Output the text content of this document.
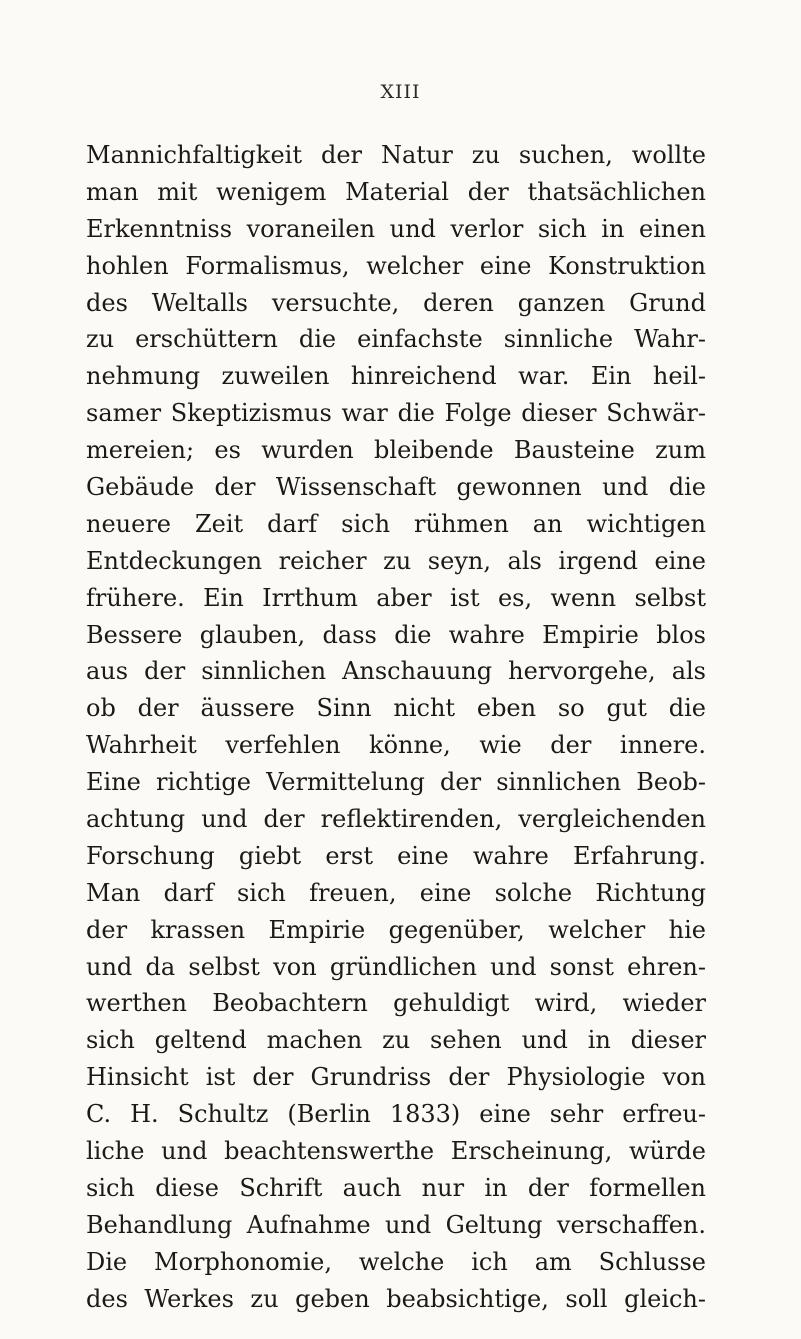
XIII
Mannichfaltigkeit der Natur zu suchen, wollte
man mit wenigem Material der thatsächlichen
Erkenntniss voraneilen und verlor sich in einen
hohlen Formalismus, welcher eine Konstruktion
des Weltalls versuchte, deren ganzen Grund
zu erschüttern die einfachste sinnliche Wahr-
nehmung zuweilen hinreichend war. Ein heil-
samer Skeptizismus war die Folge dieser Schwär-
mereien; es wurden bleibende Bausteine zum
Gebäude der Wissenschaft gewonnen und die
neuere Zeit darf sich rühmen an wichtigen
Entdeckungen reicher zu seyn, als irgend eine
frühere. Ein Irrthum aber ist es, wenn selbst
Bessere glauben, dass die wahre Empirie blos
aus der sinnlichen Anschauung hervorgehe, als
ob der äussere Sinn nicht eben so gut die
Wahrheit verfehlen könne, wie der innere.
Eine richtige Vermittelung der sinnlichen Beob-
achtung und der reflektirenden, vergleichenden
Forschung giebt erst eine wahre Erfahrung.
Man darf sich freuen, eine solche Richtung
der krassen Empirie gegenüber, welcher hie
und da selbst von gründlichen und sonst ehren-
werthen Beobachtern gehuldigt wird, wieder
sich geltend machen zu sehen und in dieser
Hinsicht ist der Grundriss der Physiologie von
C. H. Schultz (Berlin 1833) eine sehr erfreu-
liche und beachtenswerthe Erscheinung, würde
sich diese Schrift auch nur in der formellen
Behandlung Aufnahme und Geltung verschaffen.
Die Morphonomie, welche ich am Schlusse
des Werkes zu geben beabsichtige, soll gleich-
